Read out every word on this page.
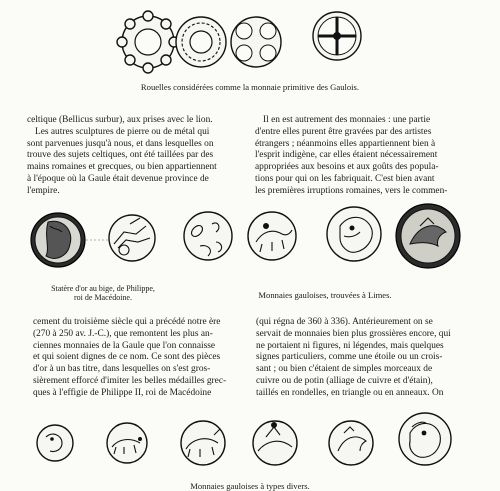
Rouelles considérées comme la monnaie primitive des Gaulois.

celtique (Bellicus surbur), aux prises avec le lion.

Les autres sculptures de pierre ou de métal qui

sont parvenues jusqu'à nous, et dans lesquelles on

trouve des sujets celtiques, ont été taillées par des

mains romaines et grecques, ou bien appartiennent

à l'époque où la Gaule était devenue province de

l'empire.

Il en est autrement des monnaies : une partie

d'entre elles purent être gravées par des artistes

étrangers ; néanmoins elles appartiennent bien à

l'esprit indigène, car elles étaient nécessairement

appropriées aux besoins et aux goûts des popula-

tions pour qui on les fabriquait. C'est bien avant

les premières irruptions romaines, vers le commen-

Statère d'or au bige, de Philippe,
roi de Macédoine.	Monnaies gauloises, trouvées à Limes.

cement du troisième siècle qui a précédé notre ère

(270 à 250 av. J.-C.), que remontent les plus an-

ciennes monnaies de la Gaule que l'on connaisse

et qui soient dignes de ce nom. Ce sont des pièces

d'or à un bas titre, dans lesquelles on s'est gros-

sièrement efforcé d'imiter les belles médailles grec-

ques à l'effigie de Philippe II, roi de Macédoine

(qui régna de 360 à 336). Antérieurement on se

servait de monnaies bien plus grossières encore, qui

ne portaient ni figures, ni légendes, mais quelques

signes particuliers, comme une étoile ou un crois-

sant ; ou bien c'étaient de simples morceaux de

cuivre ou de potin (alliage de cuivre et d'étain),

taillés en rondelles, en triangle ou en anneaux. On

Monnaies gauloises à types divers.
